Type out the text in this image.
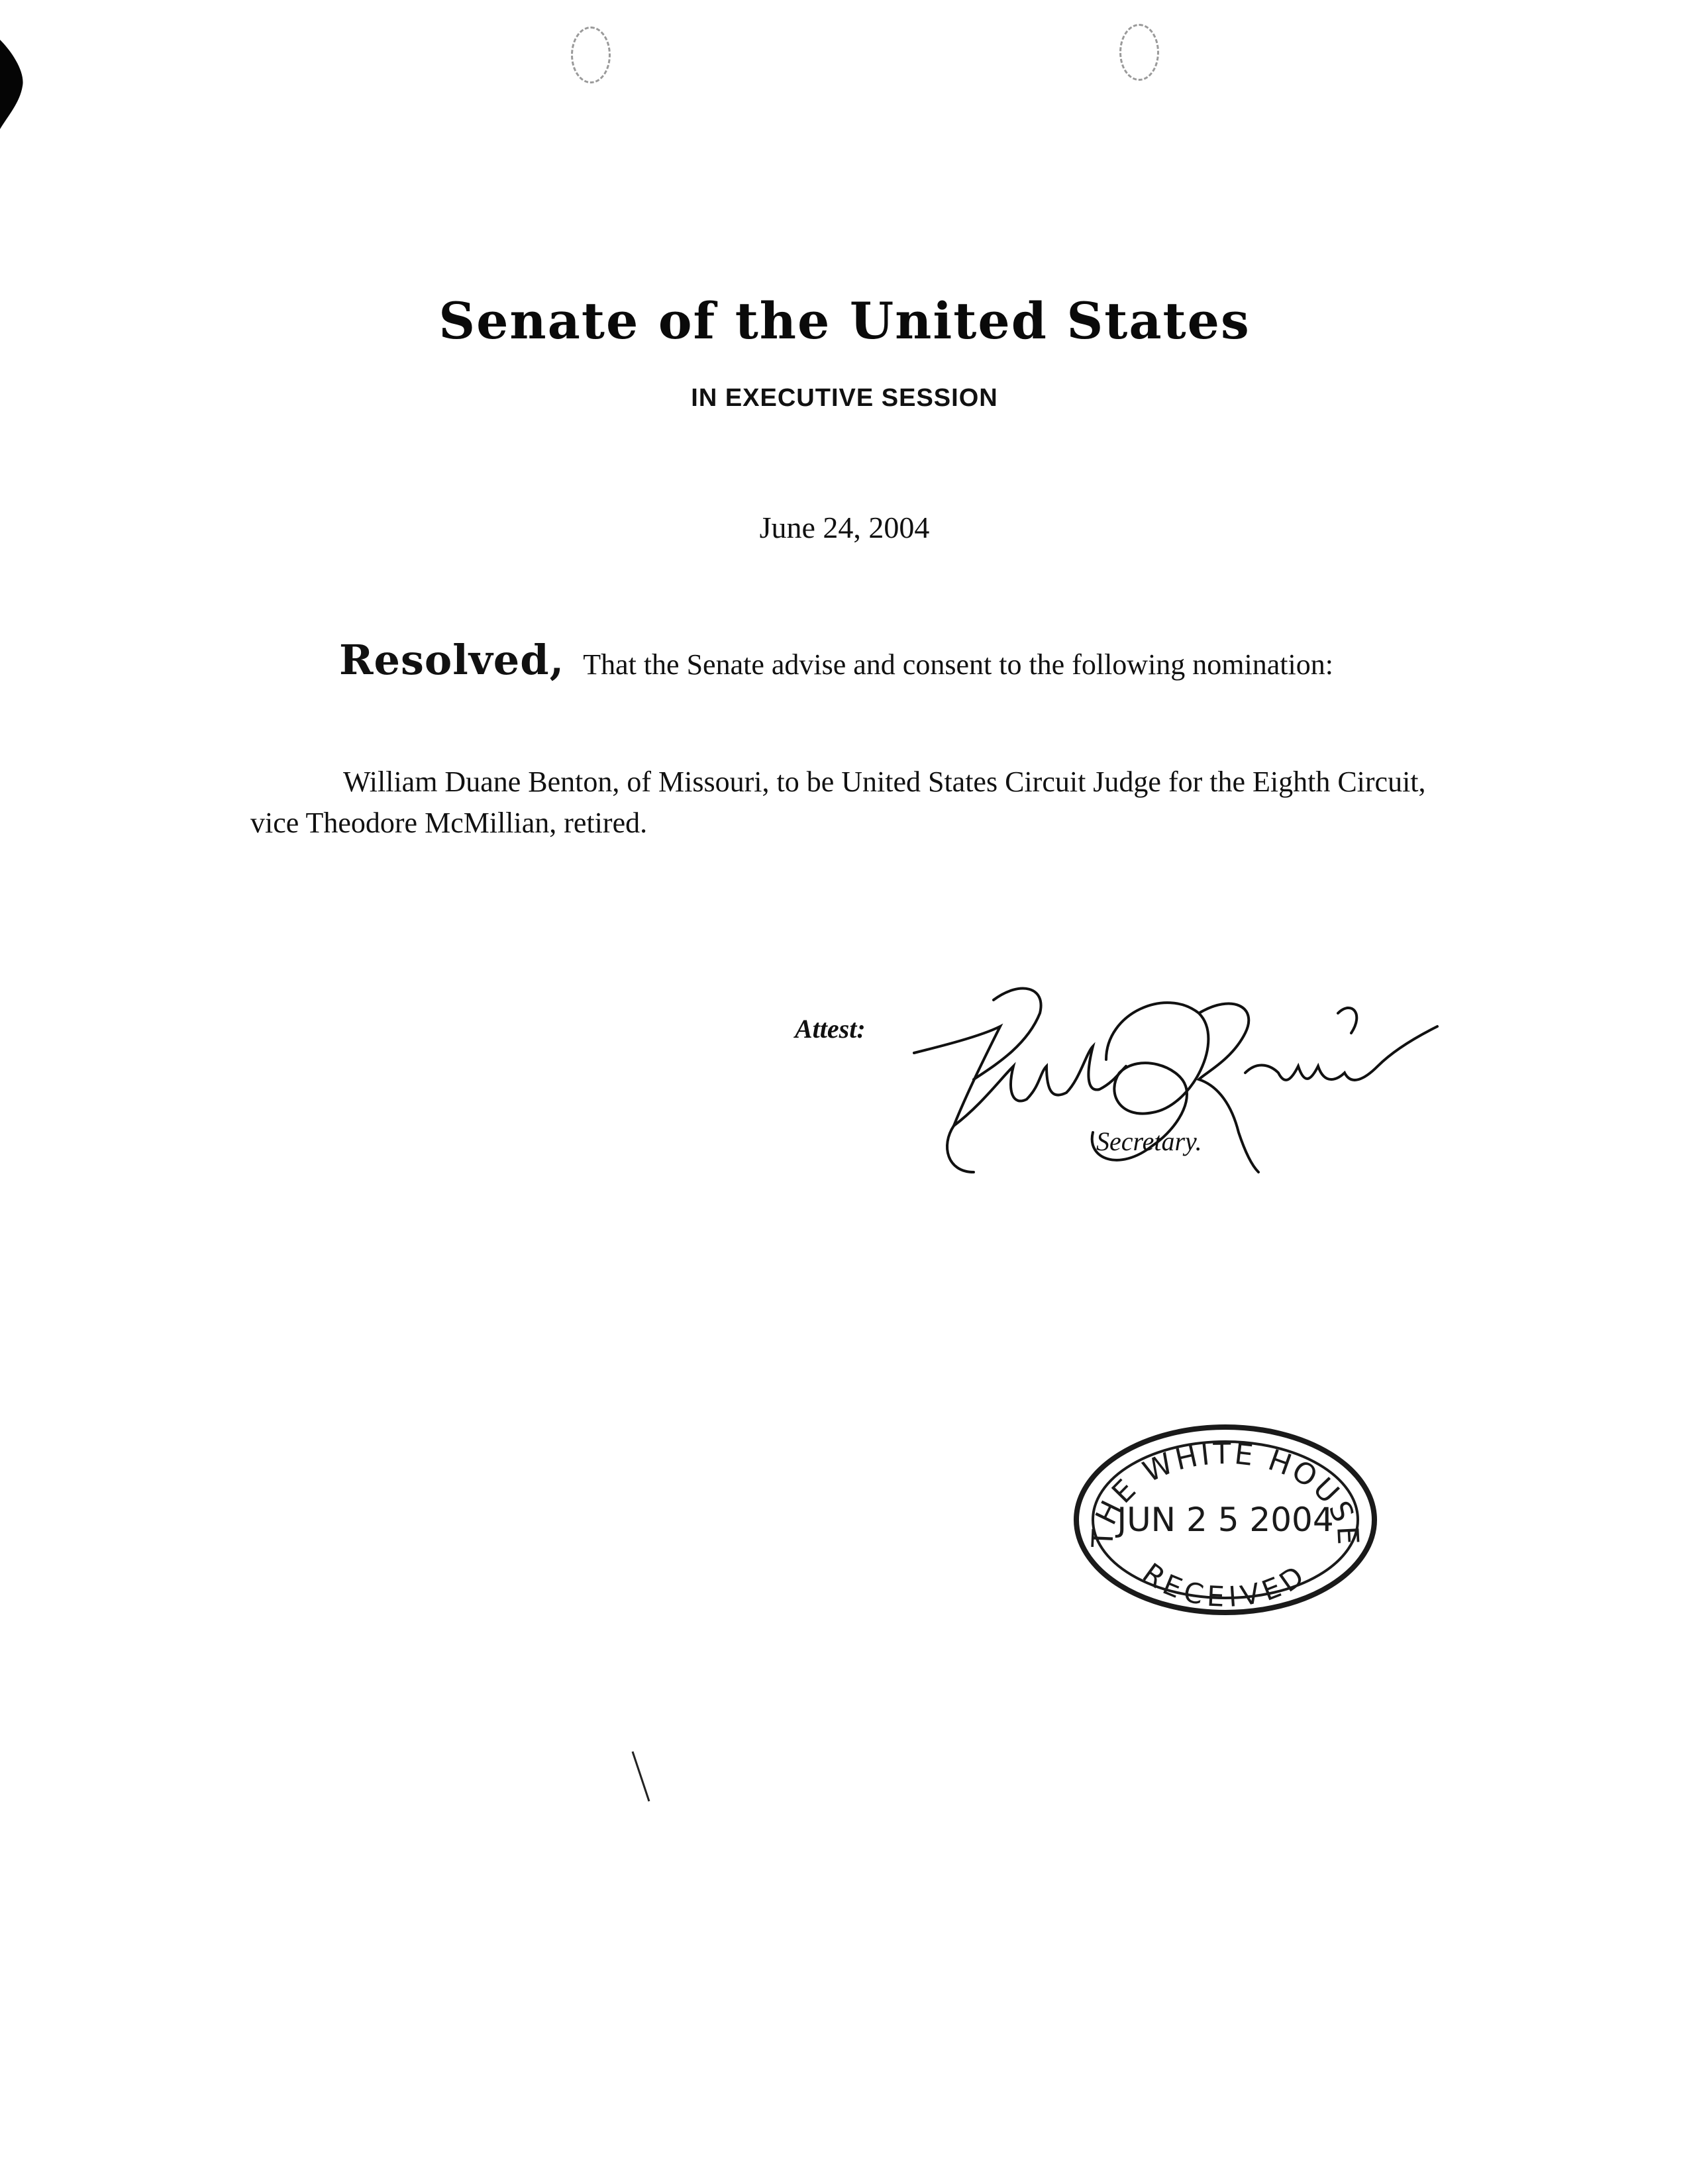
Senate of the United States
IN EXECUTIVE SESSION
June 24, 2004
Resolved, That the Senate advise and consent to the following nomination:
William Duane Benton, of Missouri, to be United States Circuit Judge for the Eighth Circuit, vice Theodore McMillian, retired.
Attest:
Secretary.
THE WHITE HOUSE
JUN 2 5 2004
RECEIVED
